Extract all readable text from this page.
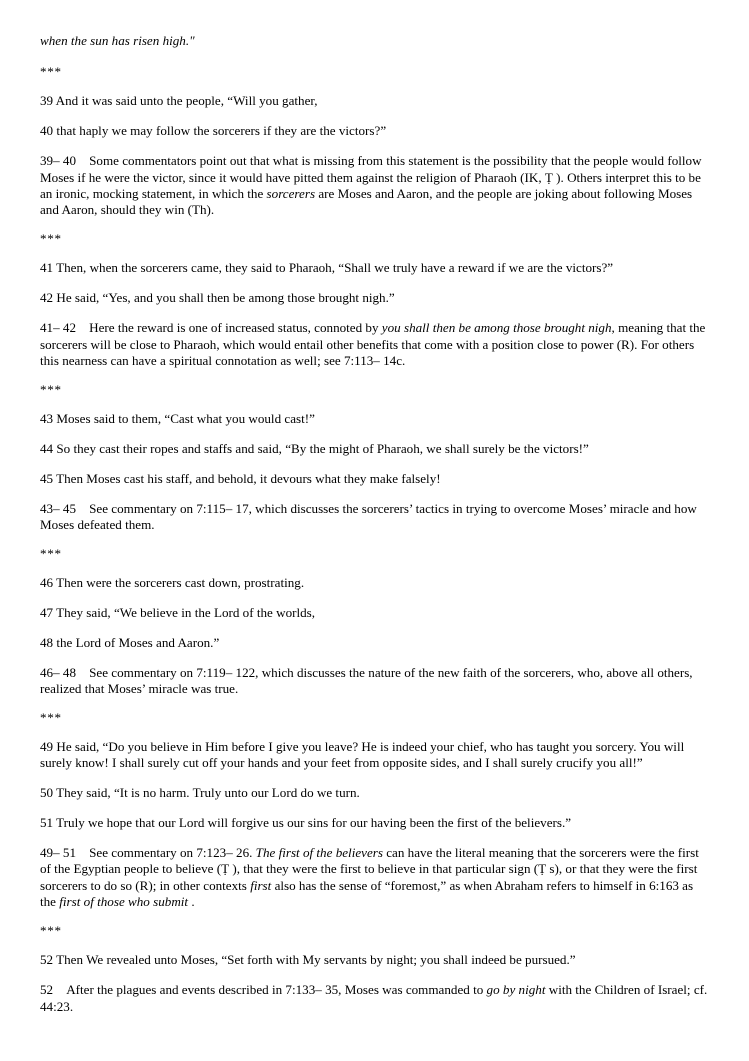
when the sun has risen high."

***

39 And it was said unto the people, “Will you gather,

40 that haply we may follow the sorcerers if they are the victors?”

39– 40 Some commentators point out that what is missing from this statement is the possibility that the people would follow Moses if he were the victor, since it would have pitted them against the religion of Pharaoh (IK, Ṭ ). Others interpret this to be an ironic, mocking statement, in which the sorcerers are Moses and Aaron, and the people are joking about following Moses and Aaron, should they win (Th).

***

41 Then, when the sorcerers came, they said to Pharaoh, “Shall we truly have a reward if we are the victors?”

42 He said, “Yes, and you shall then be among those brought nigh.”

41– 42 Here the reward is one of increased status, connoted by you shall then be among those brought nigh, meaning that the sorcerers will be close to Pharaoh, which would entail other benefits that come with a position close to power (R). For others this nearness can have a spiritual connotation as well; see 7:113– 14c.

***

43 Moses said to them, “Cast what you would cast!”

44 So they cast their ropes and staffs and said, “By the might of Pharaoh, we shall surely be the victors!”

45 Then Moses cast his staff, and behold, it devours what they make falsely!

43– 45 See commentary on 7:115– 17, which discusses the sorcerers’ tactics in trying to overcome Moses’ miracle and how Moses defeated them.

***

46 Then were the sorcerers cast down, prostrating.

47 They said, “We believe in the Lord of the worlds,

48 the Lord of Moses and Aaron.”

46– 48 See commentary on 7:119– 122, which discusses the nature of the new faith of the sorcerers, who, above all others, realized that Moses’ miracle was true.

***

49 He said, “Do you believe in Him before I give you leave? He is indeed your chief, who has taught you sorcery. You will surely know! I shall surely cut off your hands and your feet from opposite sides, and I shall surely crucify you all!”

50 They said, “It is no harm. Truly unto our Lord do we turn.

51 Truly we hope that our Lord will forgive us our sins for our having been the first of the believers.”

49– 51 See commentary on 7:123– 26. The first of the believers can have the literal meaning that the sorcerers were the first of the Egyptian people to believe (Ṭ ), that they were the first to believe in that particular sign (Ṭ s), or that they were the first sorcerers to do so (R); in other contexts first also has the sense of “foremost,” as when Abraham refers to himself in 6:163 as the first of those who submit .

***

52 Then We revealed unto Moses, “Set forth with My servants by night; you shall indeed be pursued.”

52 After the plagues and events described in 7:133– 35, Moses was commanded to go by night with the Children of Israel; cf. 44:23.
